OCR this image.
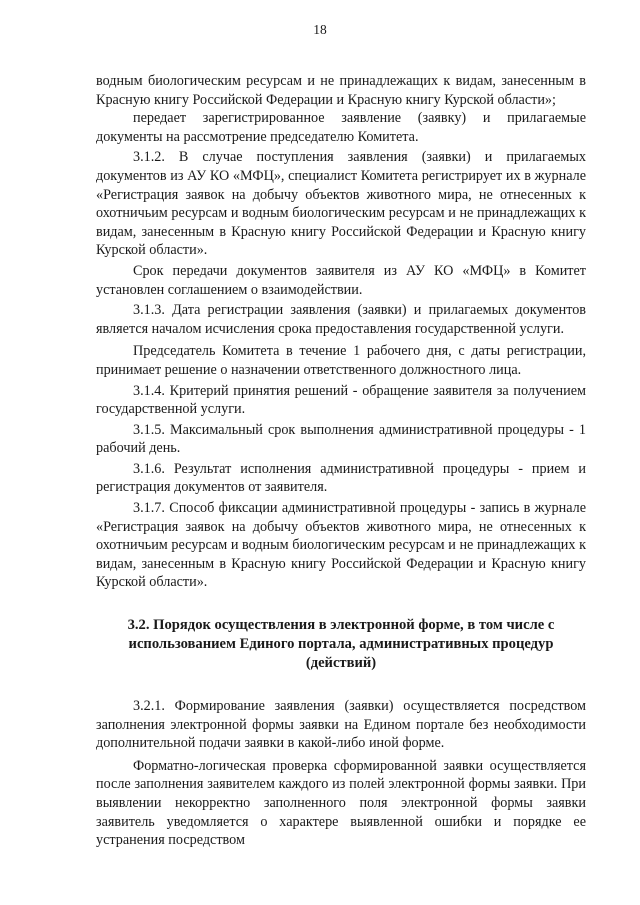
18

водным биологическим ресурсам и не принадлежащих к видам, занесенным в Красную книгу Российской Федерации и Красную книгу Курской области»;

передает зарегистрированное заявление (заявку) и прилагаемые документы на рассмотрение председателю Комитета.

3.1.2. В случае поступления заявления (заявки) и прилагаемых документов из АУ КО «МФЦ», специалист Комитета регистрирует их в журнале «Регистрация заявок на добычу объектов животного мира, не отнесенных к охотничьим ресурсам и водным биологическим ресурсам и не принадлежащих к видам, занесенным в Красную книгу Российской Федерации и Красную книгу Курской области».

Срок передачи документов заявителя из АУ КО «МФЦ» в Комитет установлен соглашением о взаимодействии.

3.1.3. Дата регистрации заявления (заявки) и прилагаемых документов является началом исчисления срока предоставления государственной услуги.

Председатель Комитета в течение 1 рабочего дня, с даты регистрации, принимает решение о назначении ответственного должностного лица.

3.1.4. Критерий принятия решений - обращение заявителя за получением государственной услуги.

3.1.5. Максимальный срок выполнения административной процедуры - 1 рабочий день.

3.1.6. Результат исполнения административной процедуры - прием и регистрация документов от заявителя.

3.1.7. Способ фиксации административной процедуры - запись в журнале «Регистрация заявок на добычу объектов животного мира, не отнесенных к охотничьим ресурсам и водным биологическим ресурсам и не принадлежащих к видам, занесенным в Красную книгу Российской Федерации и Красную книгу Курской области».

3.2. Порядок осуществления в электронной форме, в том числе с использованием Единого портала, административных процедур (действий)

3.2.1. Формирование заявления (заявки) осуществляется посредством заполнения электронной формы заявки на Едином портале без необходимости дополнительной подачи заявки в какой-либо иной форме.

Форматно-логическая проверка сформированной заявки осуществляется после заполнения заявителем каждого из полей электронной формы заявки. При выявлении некорректно заполненного поля электронной формы заявки заявитель уведомляется о характере выявленной ошибки и порядке ее устранения посредством
